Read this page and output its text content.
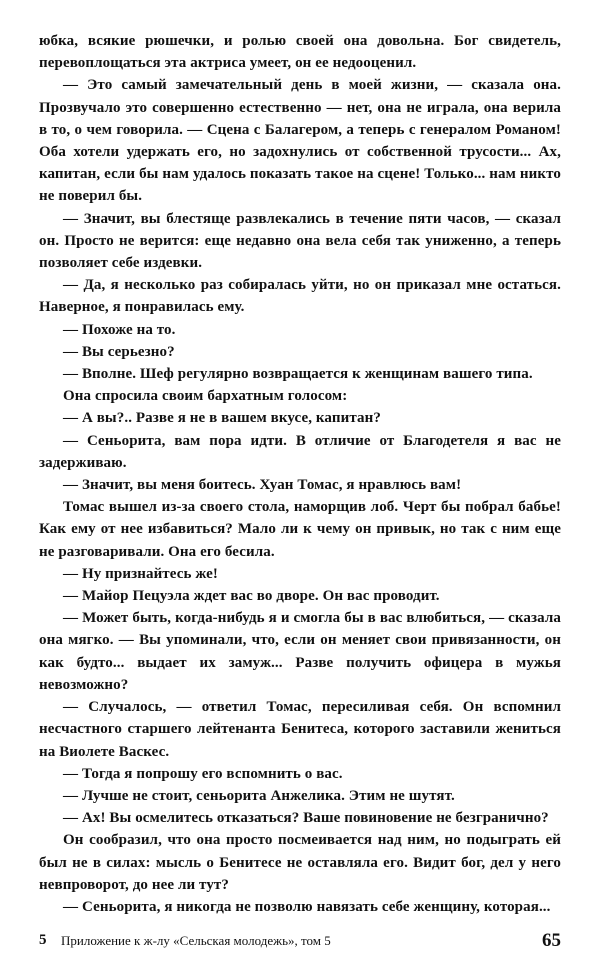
юбка, всякие рюшечки, и ролью своей она довольна. Бог свидетель, перевоплощаться эта актриса умеет, он ее недооценил.

— Это самый замечательный день в моей жизни, — сказала она. Прозвучало это совершенно естественно — нет, она не играла, она верила в то, о чем говорила. — Сцена с Балагером, а теперь с генералом Романом! Оба хотели удержать его, но задохнулись от собственной трусости... Ах, капитан, если бы нам удалось показать такое на сцене! Только... нам никто не поверил бы.

— Значит, вы блестяще развлекались в течение пяти часов, — сказал он. Просто не верится: еще недавно она вела себя так униженно, а теперь позволяет себе издевки.

— Да, я несколько раз собиралась уйти, но он приказал мне остаться. Наверное, я понравилась ему.

— Похоже на то.

— Вы серьезно?

— Вполне. Шеф регулярно возвращается к женщинам вашего типа.

Она спросила своим бархатным голосом:

— А вы?.. Разве я не в вашем вкусе, капитан?

— Сеньорита, вам пора идти. В отличие от Благодетеля я вас не задерживаю.

— Значит, вы меня боитесь. Хуан Томас, я нравлюсь вам!

Томас вышел из-за своего стола, наморщив лоб. Черт бы побрал бабье! Как ему от нее избавиться? Мало ли к чему он привык, но так с ним еще не разговаривали. Она его бесила.

— Ну признайтесь же!

— Майор Пецуэла ждет вас во дворе. Он вас проводит.

— Может быть, когда-нибудь я и смогла бы в вас влюбиться, — сказала она мягко. — Вы упоминали, что, если он меняет свои привязанности, он как будто... выдает их замуж... Разве получить офицера в мужья невозможно?

— Случалось, — ответил Томас, пересиливая себя. Он вспомнил несчастного старшего лейтенанта Бенитеса, которого заставили жениться на Виолете Васкес.

— Тогда я попрошу его вспомнить о вас.

— Лучше не стоит, сеньорита Анжелика. Этим не шутят.

— Ах! Вы осмелитесь отказаться? Ваше повиновение не безгранично?

Он сообразил, что она просто посмеивается над ним, но подыграть ей был не в силах: мысль о Бенитесе не оставляла его. Видит бог, дел у него невпроворот, до нее ли тут?

— Сеньорита, я никогда не позволю навязать себе женщину, которая...

5 Приложение к ж-лу «Сельская молодежь», том 5	65
